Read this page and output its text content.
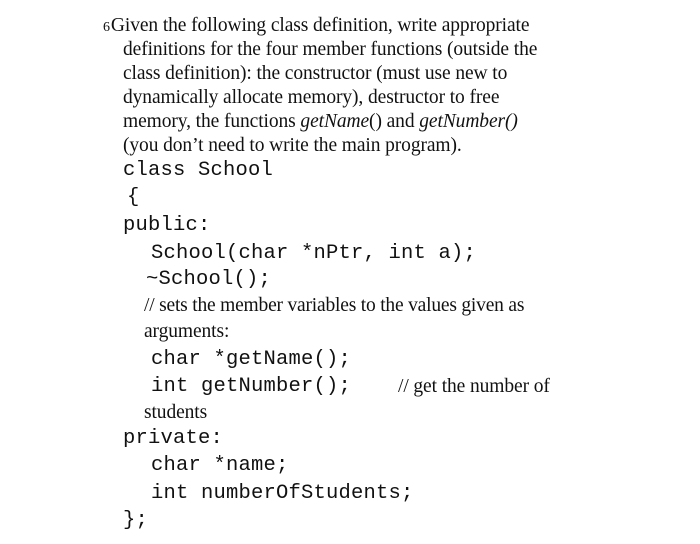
6Given the following class definition, write appropriate
definitions for the four member functions (outside the
class definition): the constructor (must use new to
dynamically allocate memory), destructor to free
memory, the functions getName() and getNumber()
(you don’t need to write the main program).
class School
{
public:
School(char *nPtr, int a);
~School();
// sets the member variables to the values given as
arguments:
char *getName();
int getNumber(); // get the number of
students
private:
char *name;
int numberOfStudents;
};
